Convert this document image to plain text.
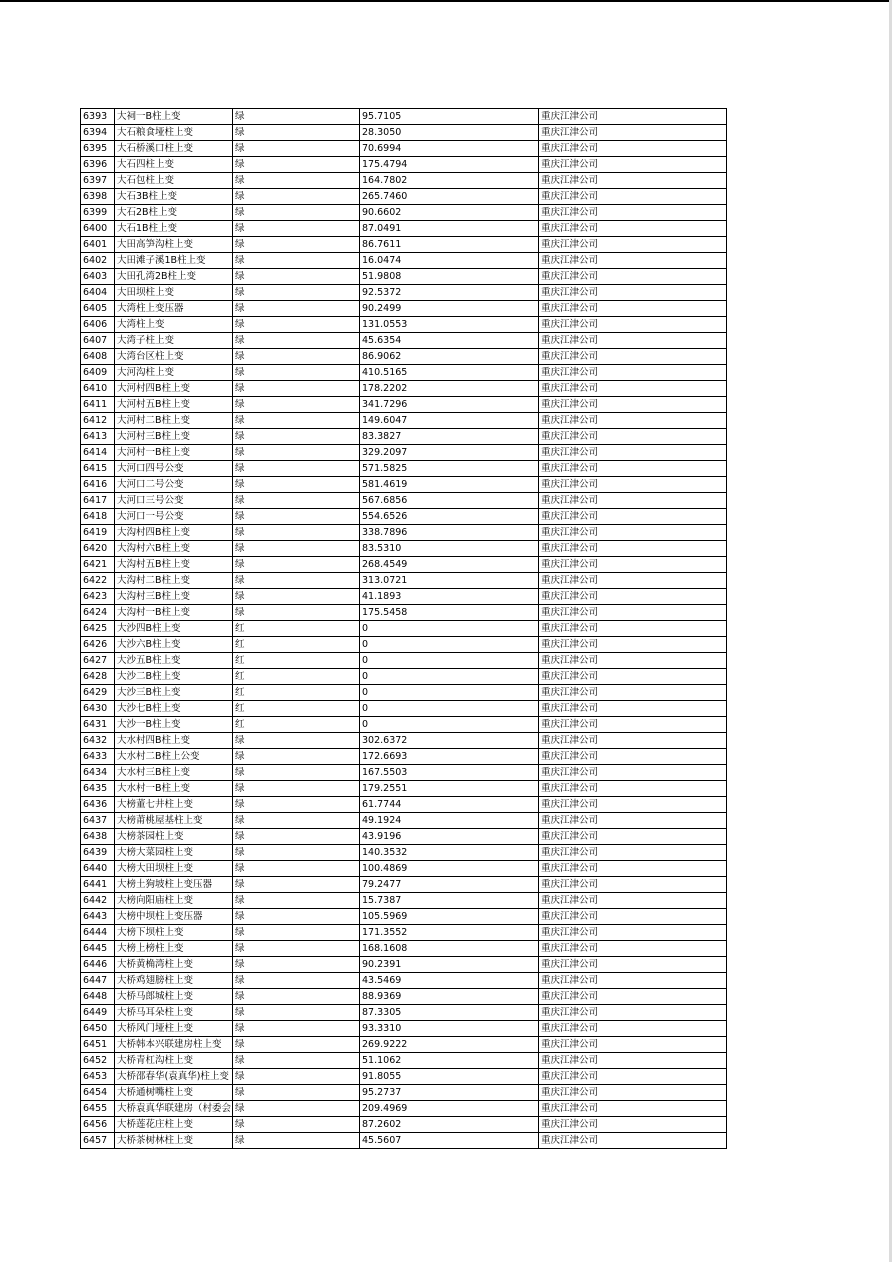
6393	大祠一B柱上变	绿	95.7105	重庆江津公司
6394	大石粮食垭柱上变	绿	28.3050	重庆江津公司
6395	大石桥溪口柱上变	绿	70.6994	重庆江津公司
6396	大石四柱上变	绿	175.4794	重庆江津公司
6397	大石包柱上变	绿	164.7802	重庆江津公司
6398	大石3B柱上变	绿	265.7460	重庆江津公司
6399	大石2B柱上变	绿	90.6602	重庆江津公司
6400	大石1B柱上变	绿	87.0491	重庆江津公司
6401	大田高笋沟柱上变	绿	86.7611	重庆江津公司
6402	大田滩子溪1B柱上变	绿	16.0474	重庆江津公司
6403	大田孔湾2B柱上变	绿	51.9808	重庆江津公司
6404	大田坝柱上变	绿	92.5372	重庆江津公司
6405	大湾柱上变压器	绿	90.2499	重庆江津公司
6406	大湾柱上变	绿	131.0553	重庆江津公司
6407	大湾子柱上变	绿	45.6354	重庆江津公司
6408	大湾台区柱上变	绿	86.9062	重庆江津公司
6409	大河沟柱上变	绿	410.5165	重庆江津公司
6410	大河村四B柱上变	绿	178.2202	重庆江津公司
6411	大河村五B柱上变	绿	341.7296	重庆江津公司
6412	大河村二B柱上变	绿	149.6047	重庆江津公司
6413	大河村三B柱上变	绿	83.3827	重庆江津公司
6414	大河村一B柱上变	绿	329.2097	重庆江津公司
6415	大河口四号公变	绿	571.5825	重庆江津公司
6416	大河口二号公变	绿	581.4619	重庆江津公司
6417	大河口三号公变	绿	567.6856	重庆江津公司
6418	大河口一号公变	绿	554.6526	重庆江津公司
6419	大沟村四B柱上变	绿	338.7896	重庆江津公司
6420	大沟村六B柱上变	绿	83.5310	重庆江津公司
6421	大沟村五B柱上变	绿	268.4549	重庆江津公司
6422	大沟村二B柱上变	绿	313.0721	重庆江津公司
6423	大沟村三B柱上变	绿	41.1893	重庆江津公司
6424	大沟村一B柱上变	绿	175.5458	重庆江津公司
6425	大沙四B柱上变	红	0	重庆江津公司
6426	大沙六B柱上变	红	0	重庆江津公司
6427	大沙五B柱上变	红	0	重庆江津公司
6428	大沙二B柱上变	红	0	重庆江津公司
6429	大沙三B柱上变	红	0	重庆江津公司
6430	大沙七B柱上变	红	0	重庆江津公司
6431	大沙一B柱上变	红	0	重庆江津公司
6432	大水村四B柱上变	绿	302.6372	重庆江津公司
6433	大水村二B柱上公变	绿	172.6693	重庆江津公司
6434	大水村三B柱上变	绿	167.5503	重庆江津公司
6435	大水村一B柱上变	绿	179.2551	重庆江津公司
6436	大榜董七井柱上变	绿	61.7744	重庆江津公司
6437	大榜莆桃屋基柱上变	绿	49.1924	重庆江津公司
6438	大榜茶园柱上变	绿	43.9196	重庆江津公司
6439	大榜大菜园柱上变	绿	140.3532	重庆江津公司
6440	大榜大田坝柱上变	绿	100.4869	重庆江津公司
6441	大榜土狗坡柱上变压器	绿	79.2477	重庆江津公司
6442	大榜向阳庙柱上变	绿	15.7387	重庆江津公司
6443	大榜中坝柱上变压器	绿	105.5969	重庆江津公司
6444	大榜下坝柱上变	绿	171.3552	重庆江津公司
6445	大榜上榜柱上变	绿	168.1608	重庆江津公司
6446	大桥黄桷湾柱上变	绿	90.2391	重庆江津公司
6447	大桥鸡翅膀柱上变	绿	43.5469	重庆江津公司
6448	大桥马郎城柱上变	绿	88.9369	重庆江津公司
6449	大桥马耳朵柱上变	绿	87.3305	重庆江津公司
6450	大桥风门垭柱上变	绿	93.3310	重庆江津公司
6451	大桥韩本兴联建房柱上变	绿	269.9222	重庆江津公司
6452	大桥青杠沟柱上变	绿	51.1062	重庆江津公司
6453	大桥邵春华(袁真华)柱上变	绿	91.8055	重庆江津公司
6454	大桥通树嘴柱上变	绿	95.2737	重庆江津公司
6455	大桥袁真华联建房（村委会	绿	209.4969	重庆江津公司
6456	大桥莲花庄柱上变	绿	87.2602	重庆江津公司
6457	大桥茶树林柱上变	绿	45.5607	重庆江津公司
